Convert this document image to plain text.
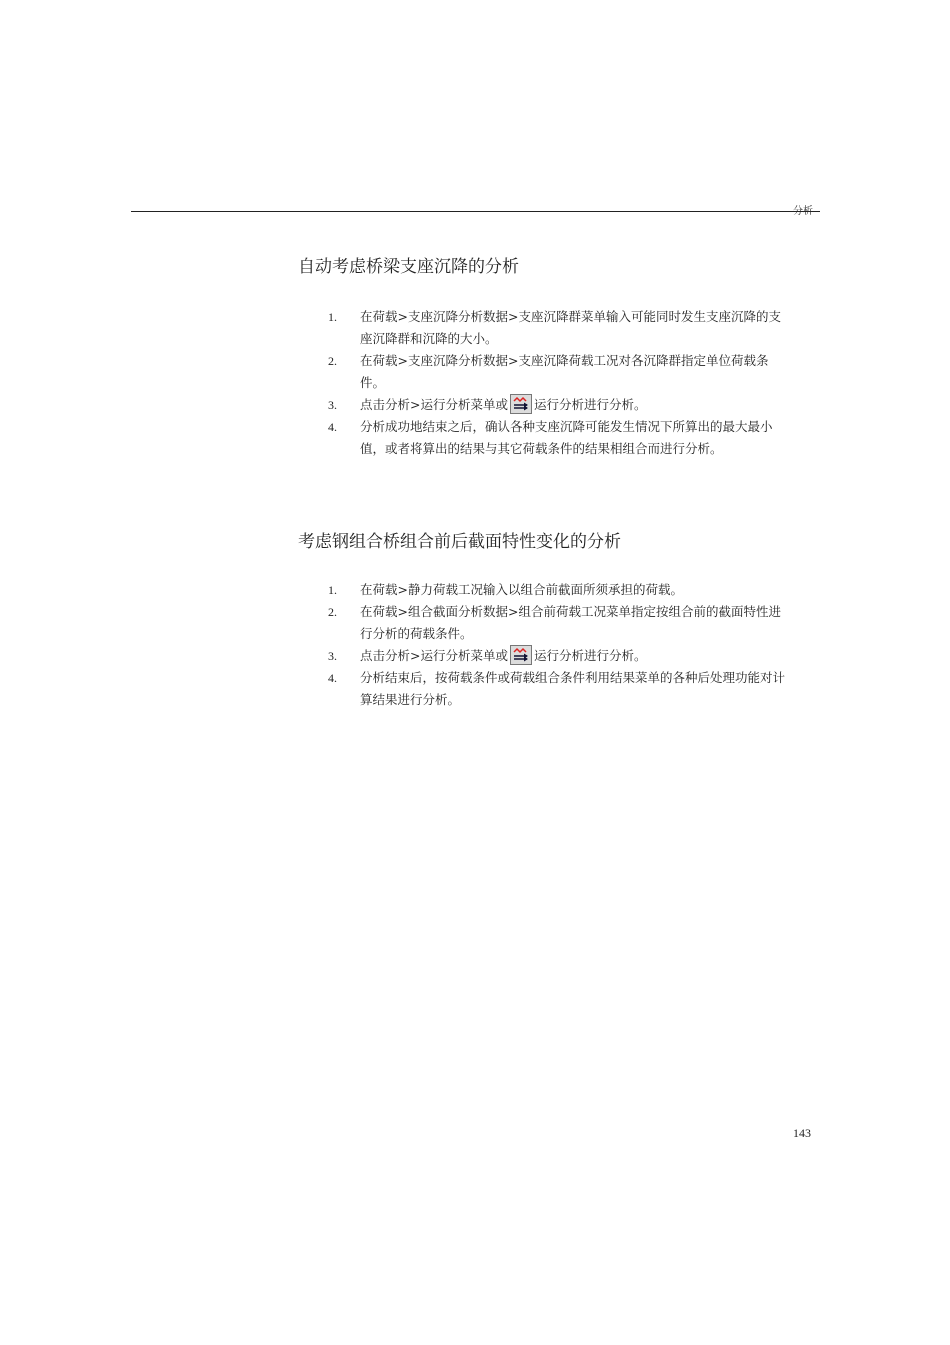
分析
自动考虑桥梁支座沉降的分析
1. 在荷载>支座沉降分析数据>支座沉降群菜单输入可能同时发生支座沉降的支座沉降群和沉降的大小。
2. 在荷载>支座沉降分析数据>支座沉降荷载工况对各沉降群指定单位荷载条件。
3. 点击分析>运行分析菜单或 运行分析进行分析。
4. 分析成功地结束之后，确认各种支座沉降可能发生情况下所算出的最大最小值，或者将算出的结果与其它荷载条件的结果相组合而进行分析。
考虑钢组合桥组合前后截面特性变化的分析
1. 在荷载>静力荷载工况输入以组合前截面所须承担的荷载。
2. 在荷载>组合截面分析数据>组合前荷载工况菜单指定按组合前的截面特性进行分析的荷载条件。
3. 点击分析>运行分析菜单或 运行分析进行分析。
4. 分析结束后，按荷载条件或荷载组合条件利用结果菜单的各种后处理功能对计算结果进行分析。
143
